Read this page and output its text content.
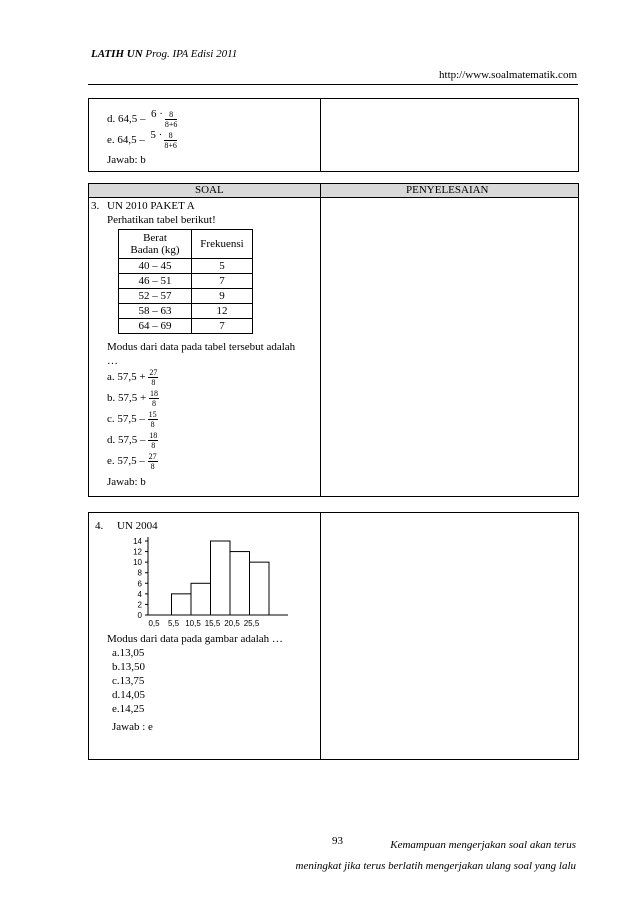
LATIH UN Prog. IPA Edisi 2011
http://www.soalmatematik.com
d. $64,5 - 6 \cdot \frac{8}{8+6}$
e. $64,5 - 5 \cdot \frac{8}{8+6}$
Jawab: b
SOAL	PENYELESAIAN
3. UN 2010 PAKET A
Perhatikan tabel berikut!
Berat
Badan (kg)	Frekuensi
40 – 45	5
46 – 51	7
52 – 57	9
58 – 63	12
64 – 69	7
Modus dari data pada tabel tersebut adalah
…
a. $57,5 + \frac{27}{8}$
b. $57,5 + \frac{18}{8}$
c. $57,5 - \frac{15}{8}$
d. $57,5 - \frac{18}{8}$
e. $57,5 - \frac{27}{8}$
Jawab: b
4. UN 2004
0
2
4
6
8
10
12
14
0,5 5,5 10,5 15,5 20,5 25,5
Modus dari data pada gambar adalah …
a.13,05
b.13,50
c.13,75
d.14,05
e.14,25
Jawab : e
93	Kemampuan mengerjakan soal akan terus
meningkat jika terus berlatih mengerjakan ulang soal yang lalu
